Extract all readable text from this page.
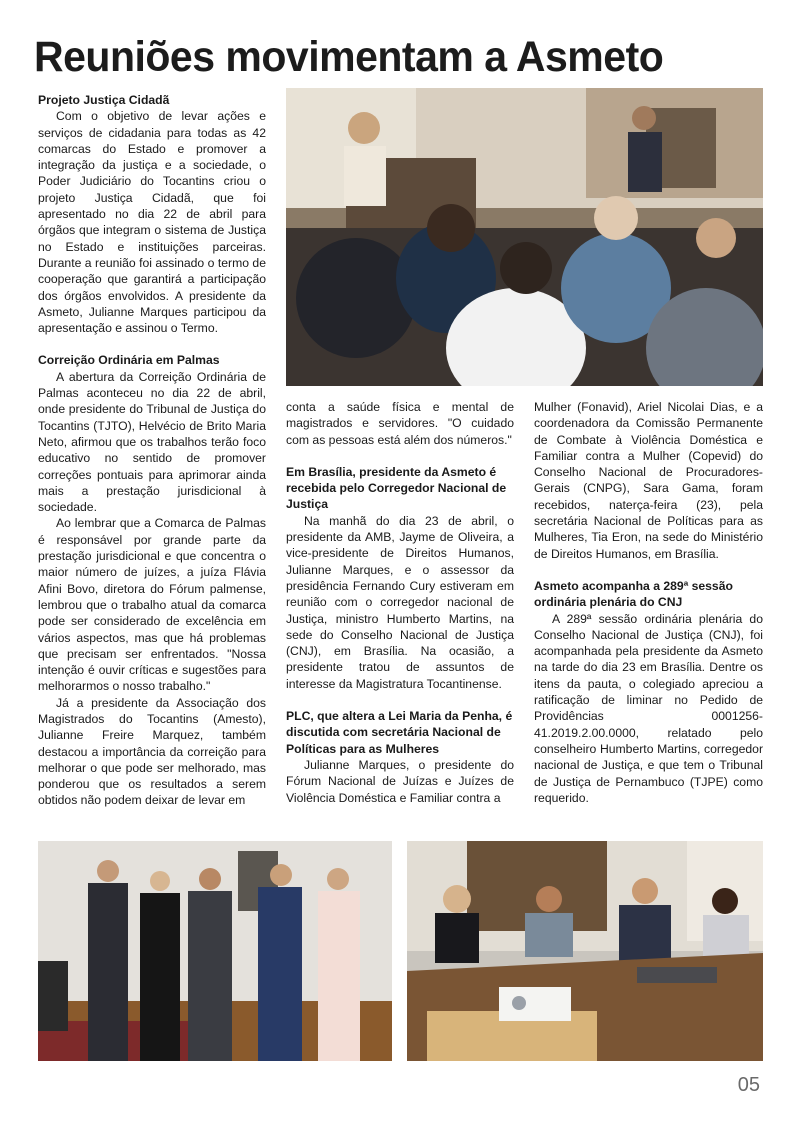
Reuniões movimentam a Asmeto
Projeto Justiça Cidadã

Com o objetivo de levar ações e serviços de cidadania para todas as 42 comarcas do Estado e promover a integração da justiça e a sociedade, o Poder Judiciário do Tocantins criou o projeto Justiça Cidadã, que foi apresentado no dia 22 de abril para órgãos que integram o sistema de Justiça no Estado e instituições parceiras. Durante a reunião foi assinado o termo de cooperação que garantirá a participação dos órgãos envolvidos. A presidente da Asmeto, Julianne Marques participou da apresentação e assinou o Termo.

Correição Ordinária em Palmas

A abertura da Correição Ordinária de Palmas aconteceu no dia 22 de abril, onde presidente do Tribunal de Justiça do Tocantins (TJTO), Helvécio de Brito Maria Neto, afirmou que os trabalhos terão foco educativo no sentido de promover correções pontuais para aprimorar ainda mais a prestação jurisdicional à sociedade.

Ao lembrar que a Comarca de Palmas é responsável por grande parte da prestação jurisdicional e que concentra o maior número de juízes, a juíza Flávia Afini Bovo, diretora do Fórum palmense, lembrou que o trabalho atual da comarca pode ser considerado de excelência em vários aspectos, mas que há problemas que precisam ser enfrentados. "Nossa intenção é ouvir críticas e sugestões para melhorarmos o nosso trabalho."

Já a presidente da Associação dos Magistrados do Tocantins (Amesto), Julianne Freire Marquez, também destacou a importância da correição para melhorar o que pode ser melhorado, mas ponderou que os resultados a serem obtidos não podem deixar de levar em

conta a saúde física e mental de magistrados e servidores. "O cuidado com as pessoas está além dos números."

Em Brasília, presidente da Asmeto é recebida pelo Corregedor Nacional de Justiça

Na manhã do dia 23 de abril, o presidente da AMB, Jayme de Oliveira, a vice-presidente de Direitos Humanos, Julianne Marques, e o assessor da presidência Fernando Cury estiveram em reunião com o corregedor nacional de Justiça, ministro Humberto Martins, na sede do Conselho Nacional de Justiça (CNJ), em Brasília. Na ocasião, a presidente tratou de assuntos de interesse da Magistratura Tocantinense.

PLC, que altera a Lei Maria da Penha, é discutida com secretária Nacional de Políticas para as Mulheres

Julianne Marques, o presidente do Fórum Nacional de Juízas e Juízes de Violência Doméstica e Familiar contra a

Mulher (Fonavid), Ariel Nicolai Dias, e a coordenadora da Comissão Permanente de Combate à Violência Doméstica e Familiar contra a Mulher (Copevid) do Conselho Nacional de Procuradores-Gerais (CNPG), Sara Gama, foram recebidos, naterça-feira (23), pela secretária Nacional de Políticas para as Mulheres, Tia Eron, na sede do Ministério de Direitos Humanos, em Brasília.

Asmeto acompanha a 289ª sessão ordinária plenária do CNJ

A 289ª sessão ordinária plenária do Conselho Nacional de Justiça (CNJ), foi acompanhada pela presidente da Asmeto na tarde do dia 23 em Brasília. Dentre os itens da pauta, o colegiado apreciou a ratificação de liminar no Pedido de Providências 0001256-41.2019.2.00.0000, relatado pelo conselheiro Humberto Martins, corregedor nacional de Justiça, e que tem o Tribunal de Justiça de Pernambuco (TJPE) como requerido.

05
